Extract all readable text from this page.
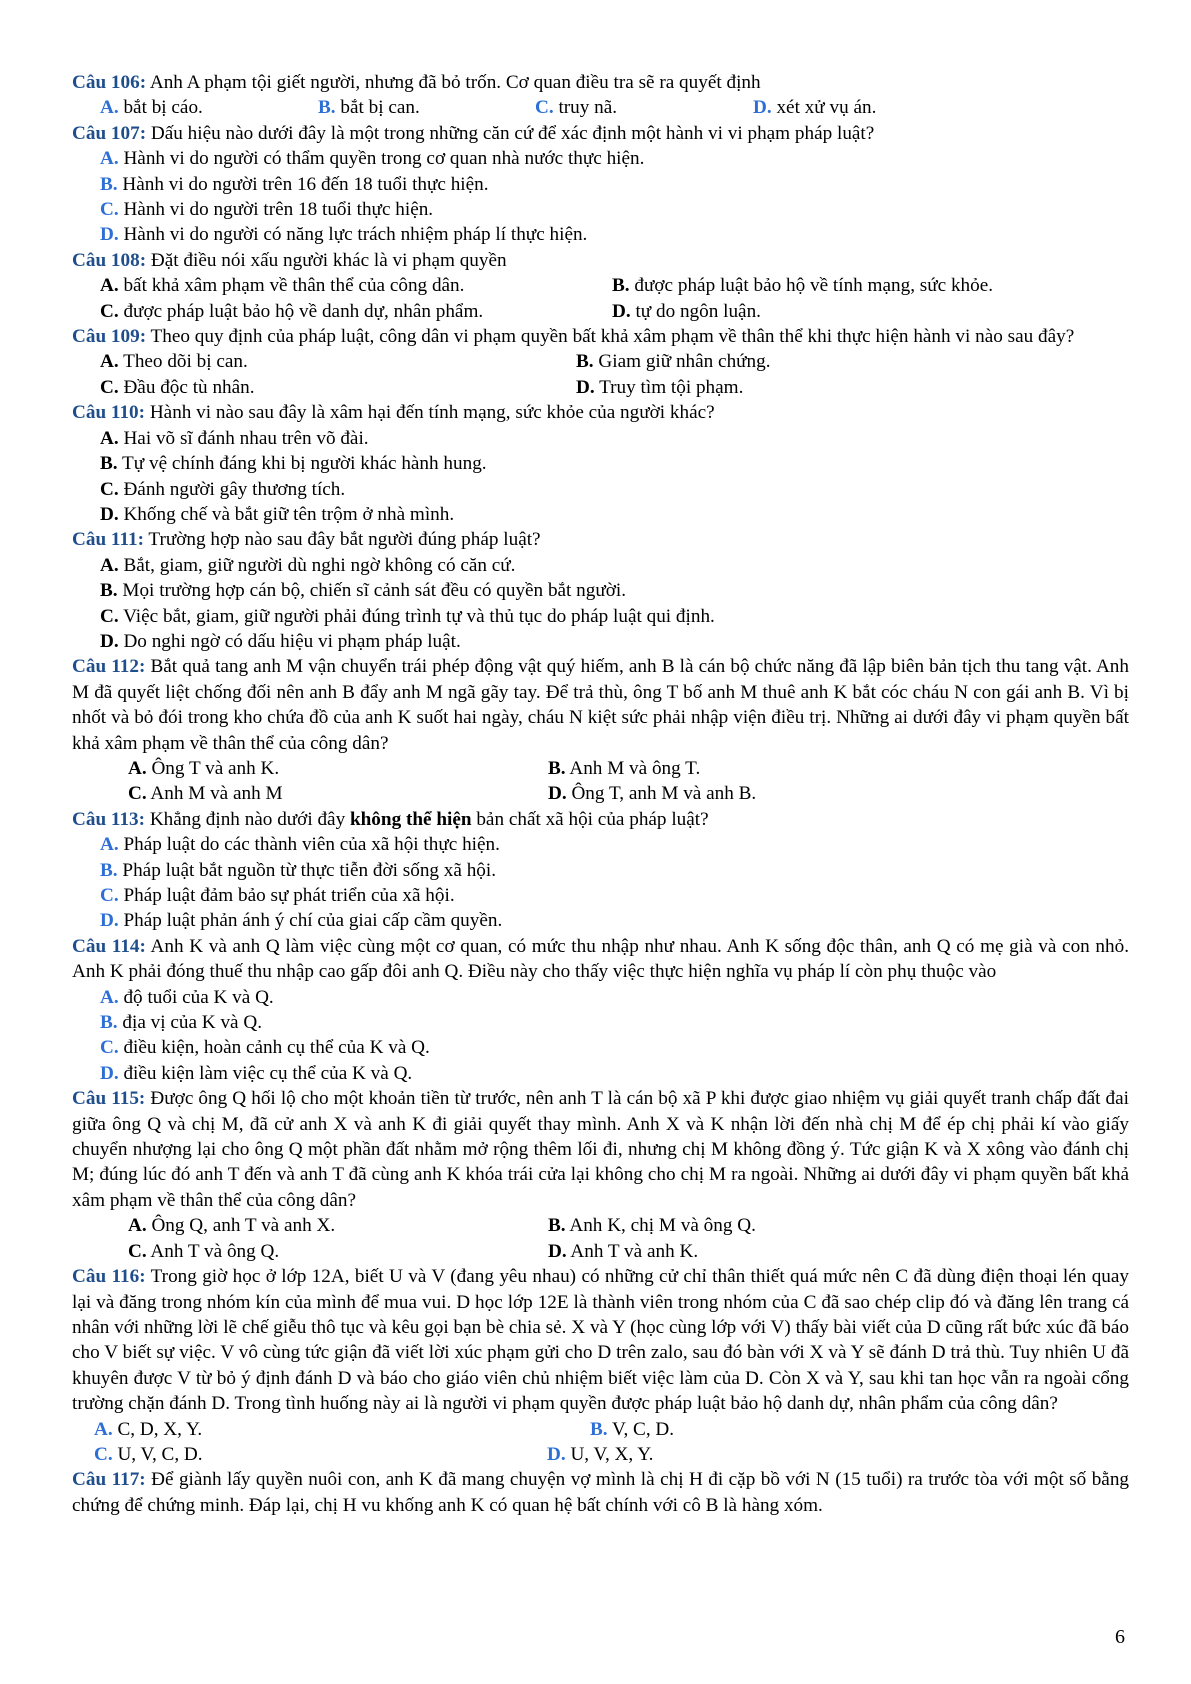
Câu 106: Anh A phạm tội giết người, nhưng đã bỏ trốn. Cơ quan điều tra sẽ ra quyết định
A. bắt bị cáo.	B. bắt bị can.	C. truy nã.	D. xét xử vụ án.
Câu 107: Dấu hiệu nào dưới đây là một trong những căn cứ để xác định một hành vi vi phạm pháp luật?
A. Hành vi do người có thẩm quyền trong cơ quan nhà nước thực hiện.
B. Hành vi do người trên 16 đến 18 tuổi thực hiện.
C. Hành vi do người trên 18 tuổi thực hiện.
D. Hành vi do người có năng lực trách nhiệm pháp lí thực hiện.
Câu 108: Đặt điều nói xấu người khác là vi phạm quyền
A. bất khả xâm phạm về thân thể của công dân.	B. được pháp luật bảo hộ về tính mạng, sức khỏe.
C. được pháp luật bảo hộ về danh dự, nhân phẩm.	D. tự do ngôn luận.
Câu 109: Theo quy định của pháp luật, công dân vi phạm quyền bất khả xâm phạm về thân thể khi thực hiện hành vi nào sau đây?
A. Theo dõi bị can.	B. Giam giữ nhân chứng.
C. Đầu độc tù nhân.	D. Truy tìm tội phạm.
Câu 110: Hành vi nào sau đây là xâm hại đến tính mạng, sức khỏe của người khác?
A. Hai võ sĩ đánh nhau trên võ đài.
B. Tự vệ chính đáng khi bị người khác hành hung.
C. Đánh người gây thương tích.
D. Khống chế và bắt giữ tên trộm ở nhà mình.
Câu 111: Trường hợp nào sau đây bắt người đúng pháp luật?
A. Bắt, giam, giữ người dù nghi ngờ không có căn cứ.
B. Mọi trường hợp cán bộ, chiến sĩ cảnh sát đều có quyền bắt người.
C. Việc bắt, giam, giữ người phải đúng trình tự và thủ tục do pháp luật qui định.
D. Do nghi ngờ có dấu hiệu vi phạm pháp luật.
Câu 112: Bắt quả tang anh M vận chuyển trái phép động vật quý hiếm, anh B là cán bộ chức năng đã lập biên bản tịch thu tang vật. Anh M đã quyết liệt chống đối nên anh B đẩy anh M ngã gãy tay. Để trả thù, ông T bố anh M thuê anh K bắt cóc cháu N con gái anh B. Vì bị nhốt và bỏ đói trong kho chứa đồ của anh K suốt hai ngày, cháu N kiệt sức phải nhập viện điều trị. Những ai dưới đây vi phạm quyền bất khả xâm phạm về thân thể của công dân?
A. Ông T và anh K.	B. Anh M và ông T.
C. Anh M và anh M	D. Ông T, anh M và anh B.
Câu 113: Khẳng định nào dưới đây không thể hiện bản chất xã hội của pháp luật?
A. Pháp luật do các thành viên của xã hội thực hiện.
B. Pháp luật bắt nguồn từ thực tiễn đời sống xã hội.
C. Pháp luật đảm bảo sự phát triển của xã hội.
D. Pháp luật phản ánh ý chí của giai cấp cầm quyền.
Câu 114: Anh K và anh Q làm việc cùng một cơ quan, có mức thu nhập như nhau. Anh K sống độc thân, anh Q có mẹ già và con nhỏ. Anh K phải đóng thuế thu nhập cao gấp đôi anh Q. Điều này cho thấy việc thực hiện nghĩa vụ pháp lí còn phụ thuộc vào
A. độ tuổi của K và Q.
B. địa vị của K và Q.
C. điều kiện, hoàn cảnh cụ thể của K và Q.
D. điều kiện làm việc cụ thể của K và Q.
Câu 115: Được ông Q hối lộ cho một khoản tiền từ trước, nên anh T là cán bộ xã P khi được giao nhiệm vụ giải quyết tranh chấp đất đai giữa ông Q và chị M, đã cử anh X và anh K đi giải quyết thay mình. Anh X và K nhận lời đến nhà chị M để ép chị phải kí vào giấy chuyển nhượng lại cho ông Q một phần đất nhằm mở rộng thêm lối đi, nhưng chị M không đồng ý. Tức giận K và X xông vào đánh chị M; đúng lúc đó anh T đến và anh T đã cùng anh K khóa trái cửa lại không cho chị M ra ngoài. Những ai dưới đây vi phạm quyền bất khả xâm phạm về thân thể của công dân?
A. Ông Q, anh T và anh X.	B. Anh K, chị M và ông Q.
C. Anh T và ông Q.	D. Anh T và anh K.
Câu 116: Trong giờ học ở lớp 12A, biết U và V (đang yêu nhau) có những cử chỉ thân thiết quá mức nên C đã dùng điện thoại lén quay lại và đăng trong nhóm kín của mình để mua vui. D học lớp 12E là thành viên trong nhóm của C đã sao chép clip đó và đăng lên trang cá nhân với những lời lẽ chế giễu thô tục và kêu gọi bạn bè chia sẻ. X và Y (học cùng lớp với V) thấy bài viết của D cũng rất bức xúc đã báo cho V biết sự việc. V vô cùng tức giận đã viết lời xúc phạm gửi cho D trên zalo, sau đó bàn với X và Y sẽ đánh D trả thù. Tuy nhiên U đã khuyên được V từ bỏ ý định đánh D và báo cho giáo viên chủ nhiệm biết việc làm của D. Còn X và Y, sau khi tan học vẫn ra ngoài cổng trường chặn đánh D. Trong tình huống này ai là người vi phạm quyền được pháp luật bảo hộ danh dự, nhân phẩm của công dân?
A. C, D, X, Y.	B. V, C, D.
C. U, V, C, D.	D. U, V, X, Y.
Câu 117: Để giành lấy quyền nuôi con, anh K đã mang chuyện vợ mình là chị H đi cặp bồ với N (15 tuổi) ra trước tòa với một số bằng chứng để chứng minh. Đáp lại, chị H vu khống anh K có quan hệ bất chính với cô B là hàng xóm.
6
